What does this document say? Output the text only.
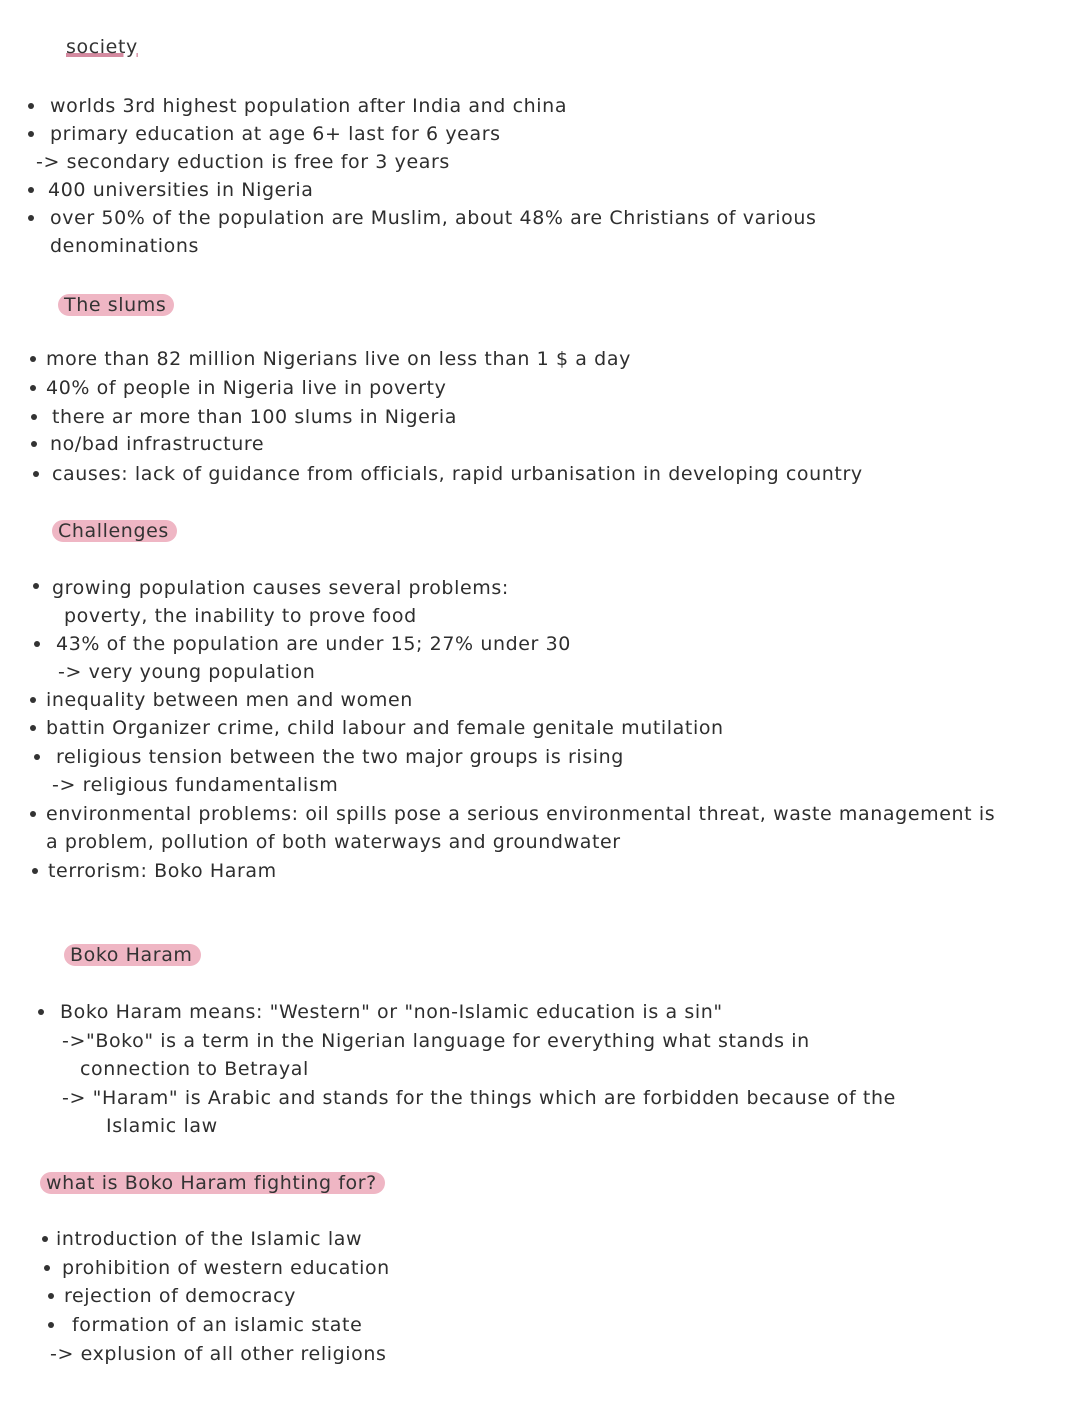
society
worlds 3rd highest population after India and china
primary education at age 6+ last for 6 years
-> secondary eduction is free for 3 years
400 universities in Nigeria
over 50% of the population are Muslim, about 48% are Christians of various
denominations
The slums
more than 82 million Nigerians live on less than 1 $ a day
40% of people in Nigeria live in poverty
there ar more than 100 slums in Nigeria
no/bad infrastructure
causes: lack of guidance from officials, rapid urbanisation in developing country
Challenges
growing population causes several problems:
poverty, the inability to prove food
43% of the population are under 15; 27% under 30
-> very young population
inequality between men and women
battin Organizer crime, child labour and female genitale mutilation
religious tension between the two major groups is rising
-> religious fundamentalism
environmental problems: oil spills pose a serious environmental threat, waste management is
a problem, pollution of both waterways and groundwater
terrorism: Boko Haram
Boko Haram
Boko Haram means: "Western" or "non-Islamic education is a sin"
->"Boko" is a term in the Nigerian language for everything what stands in
connection to Betrayal
-> "Haram" is Arabic and stands for the things which are forbidden because of the
Islamic law
what is Boko Haram fighting for?
introduction of the Islamic law
prohibition of western education
rejection of democracy
formation of an islamic state
-> explusion of all other religions
